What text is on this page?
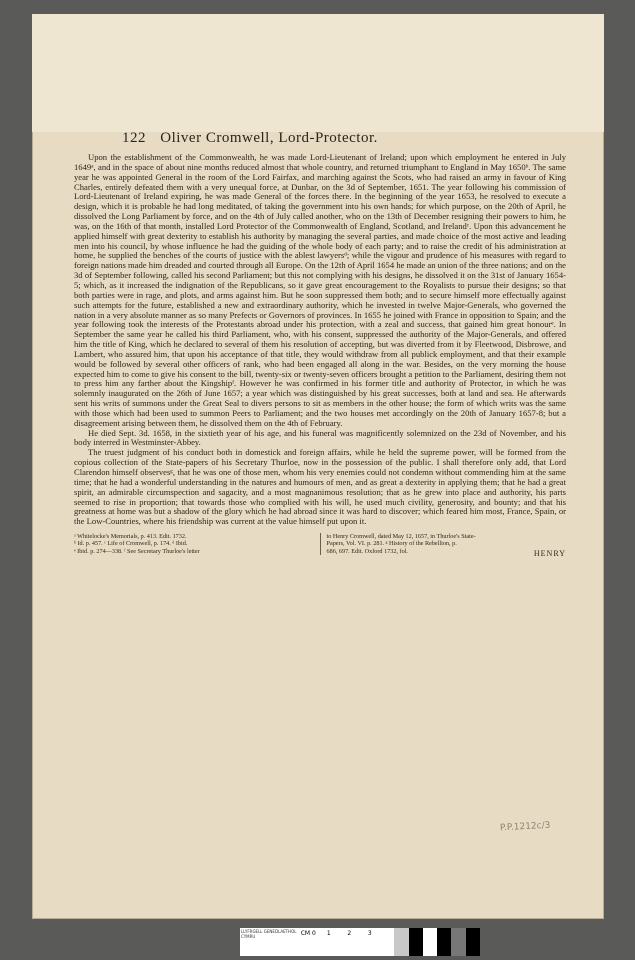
122 Oliver Cromwell, Lord-Protector.

Upon the establishment of the Commonwealth, he was made Lord-Lieutenant of Ireland; upon which employment he entered in July 1649ᵃ, and in the space of about nine months reduced almost that whole country, and returned triumphant to England in May 1650ᵇ. The same year he was appointed General in the room of the Lord Fairfax, and marching against the Scots, who had raised an army in favour of King Charles, entirely defeated them with a very unequal force, at Dunbar, on the 3d of September, 1651. The year following his commission of Lord-Lieutenant of Ireland expiring, he was made General of the forces there. In the beginning of the year 1653, he resolved to execute a design, which it is probable he had long meditated, of taking the government into his own hands; for which purpose, on the 20th of April, he dissolved the Long Parliament by force, and on the 4th of July called another, who on the 13th of December resigning their powers to him, he was, on the 16th of that month, installed Lord Protector of the Commonwealth of England, Scotland, and Irelandᶜ. Upon this advancement he applied himself with great dexterity to establish his authority by managing the several parties, and made choice of the most active and leading men into his council, by whose influence he had the guiding of the whole body of each party; and to raise the credit of his administration at home, he supplied the benches of the courts of justice with the ablest lawyersᵈ; while the vigour and prudence of his measures with regard to foreign nations made him dreaded and courted through all Europe. On the 12th of April 1654 he made an union of the three nations; and on the 3d of September following, called his second Parliament; but this not complying with his designs, he dissolved it on the 31st of January 1654-5; which, as it increased the indignation of the Republicans, so it gave great encouragement to the Royalists to pursue their designs; so that both parties were in rage, and plots, and arms against him. But he soon suppressed them both; and to secure himself more effectually against such attempts for the future, established a new and extraordinary authority, which he invested in twelve Major-Generals, who governed the nation in a very absolute manner as so many Prefects or Governors of provinces. In 1655 he joined with France in opposition to Spain; and the year following took the interests of the Protestants abroad under his protection, with a zeal and success, that gained him great honourᵉ. In September the same year he called his third Parliament, who, with his consent, suppressed the authority of the Major-Generals, and offered him the title of King, which he declared to several of them his resolution of accepting, but was diverted from it by Fleetwood, Disbrowe, and Lambert, who assured him, that upon his acceptance of that title, they would withdraw from all publick employment, and that their example would be followed by several other officers of rank, who had been engaged all along in the war. Besides, on the very morning the house expected him to come to give his consent to the bill, twenty-six or twenty-seven officers brought a petition to the Parliament, desiring them not to press him any farther about the Kingshipᶠ. However he was confirmed in his former title and authority of Protector, in which he was solemnly inaugurated on the 26th of June 1657; a year which was distinguished by his great successes, both at land and sea. He afterwards sent his writs of summons under the Great Seal to divers persons to sit as members in the other house; the form of which writs was the same with those which had been used to summon Peers to Parliament; and the two houses met accordingly on the 20th of January 1657-8; but a disagreement arising between them, he dissolved them on the 4th of February.

He died Sept. 3d. 1658, in the sixtieth year of his age, and his funeral was magnificently solemnized on the 23d of November, and his body interred in Westminster-Abbey.

The truest judgment of his conduct both in domestick and foreign affairs, while he held the supreme power, will be formed from the copious collection of the State-papers of his Secretary Thurloe, now in the possession of the public. I shall therefore only add, that Lord Clarendon himself observesᵍ, that he was one of those men, whom his very enemies could not condemn without commending him at the same time; that he had a wonderful understanding in the natures and humours of men, and as great a dexterity in applying them; that he had a great spirit, an admirable circumspection and sagacity, and a most magnanimous resolution; that as he grew into place and authority, his parts seemed to rise in proportion; that towards those who complied with his will, he used much civility, generosity, and bounty; and that his greatness at home was but a shadow of the glory which he had abroad since it was hard to discover; which feared him most, France, Spain, or the Low-Countries, where his friendship was current at the value himself put upon it.

ᵃ Whitelocke's Memorials, p. 413. Edit. 1732.
ᵇ Id. p. 457. ᶜ Life of Cromwell, p. 174. ᵈ Ibid.
ᵉ Ibid. p. 274—338. ᶠ See Secretary Thurloe's letter
to Henry Cromwell, dated May 12, 1657, in Thurloe's State-
Papers, Vol. VI. p. 281. ᵍ History of the Rebellion, p.
686, 697. Edit. Oxford 1732, fol.	HENRY
P.P.1212c/3
LLYFRGELL GENEDLAETHOL CYMRU	CM 0	1	2	3
